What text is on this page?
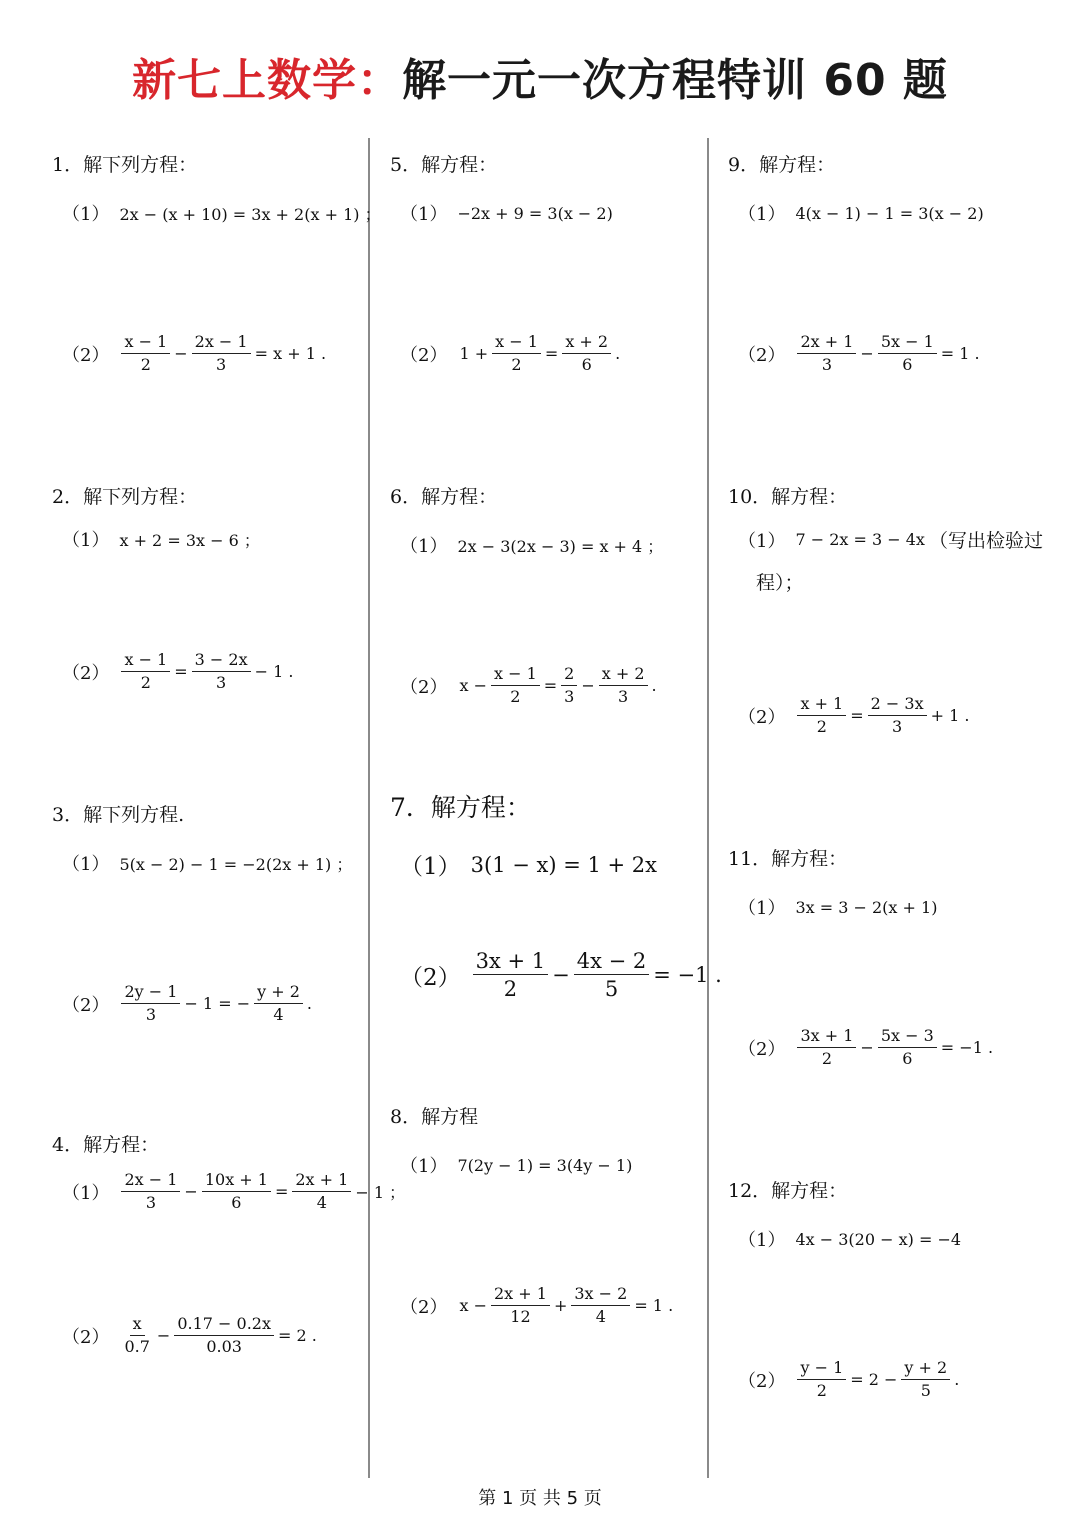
新七上数学：解一元一次方程特训 60 题
1．解下列方程：
（1） 2x − (x + 10) = 3x + 2(x + 1) ；
$(2) \frac{x - 1}{2} - \frac{2x - 1}{3} = x + 1$ .
2．解下列方程：
（1） x + 2 = 3x − 6 ；
$(2) \frac{x - 1}{2} = \frac{3 - 2x}{3} - 1$ .
3．解下列方程.
（1） 5(x − 2) − 1 = −2(2x + 1) ；
$(2) \frac{2y - 1}{3} - 1$ = − $\frac{y + 2}{4}$ .
4．解方程：
$(1) \frac{2x - 1}{3} - \frac{10x + 1}{6} = \frac{2x + 1}{4} - 1$ ；
$(2) \frac{x}{0.7} - \frac{0.17 - 0.2x}{0.03} = 2$ .
5．解方程：
（1） −2x + 9 = 3(x − 2)
（2） $1 + \frac{x - 1}{2} = \frac{x + 2}{6}$ .
6．解方程：
（1） 2x − 3(2x − 3) = x + 4 ；
（2） $x - \frac{x - 1}{2} = \frac{2}{3} - \frac{x + 2}{3}$ .
7．解方程：
（1） 3(1 − x) = 1 + 2x
$(2) \frac{3x + 1}{2} - \frac{4x - 2}{5} = -1$ .
8．解方程
（1） 7(2y − 1) = 3(4y − 1)
（2） $x - \frac{2x + 1}{12} + \frac{3x - 2}{4} = 1$ .
9．解方程：
（1） 4(x − 1) − 1 = 3(x − 2)
$(2) \frac{2x + 1}{3} - \frac{5x - 1}{6} = 1$ .
10．解方程：
（1） 7 − 2x = 3 − 4x （写出检验过
程）；
$(2) \frac{x + 1}{2} = \frac{2 - 3x}{3} + 1$ .
11．解方程：
（1） 3x = 3 − 2(x + 1)
$(2) \frac{3x + 1}{2} - \frac{5x - 3}{6} = -1$ .
12．解方程：
（1） 4x − 3(20 − x) = −4
$(2) \frac{y - 1}{2} = 2 - \frac{y + 2}{5}$ .
第 1 页 共 5 页
